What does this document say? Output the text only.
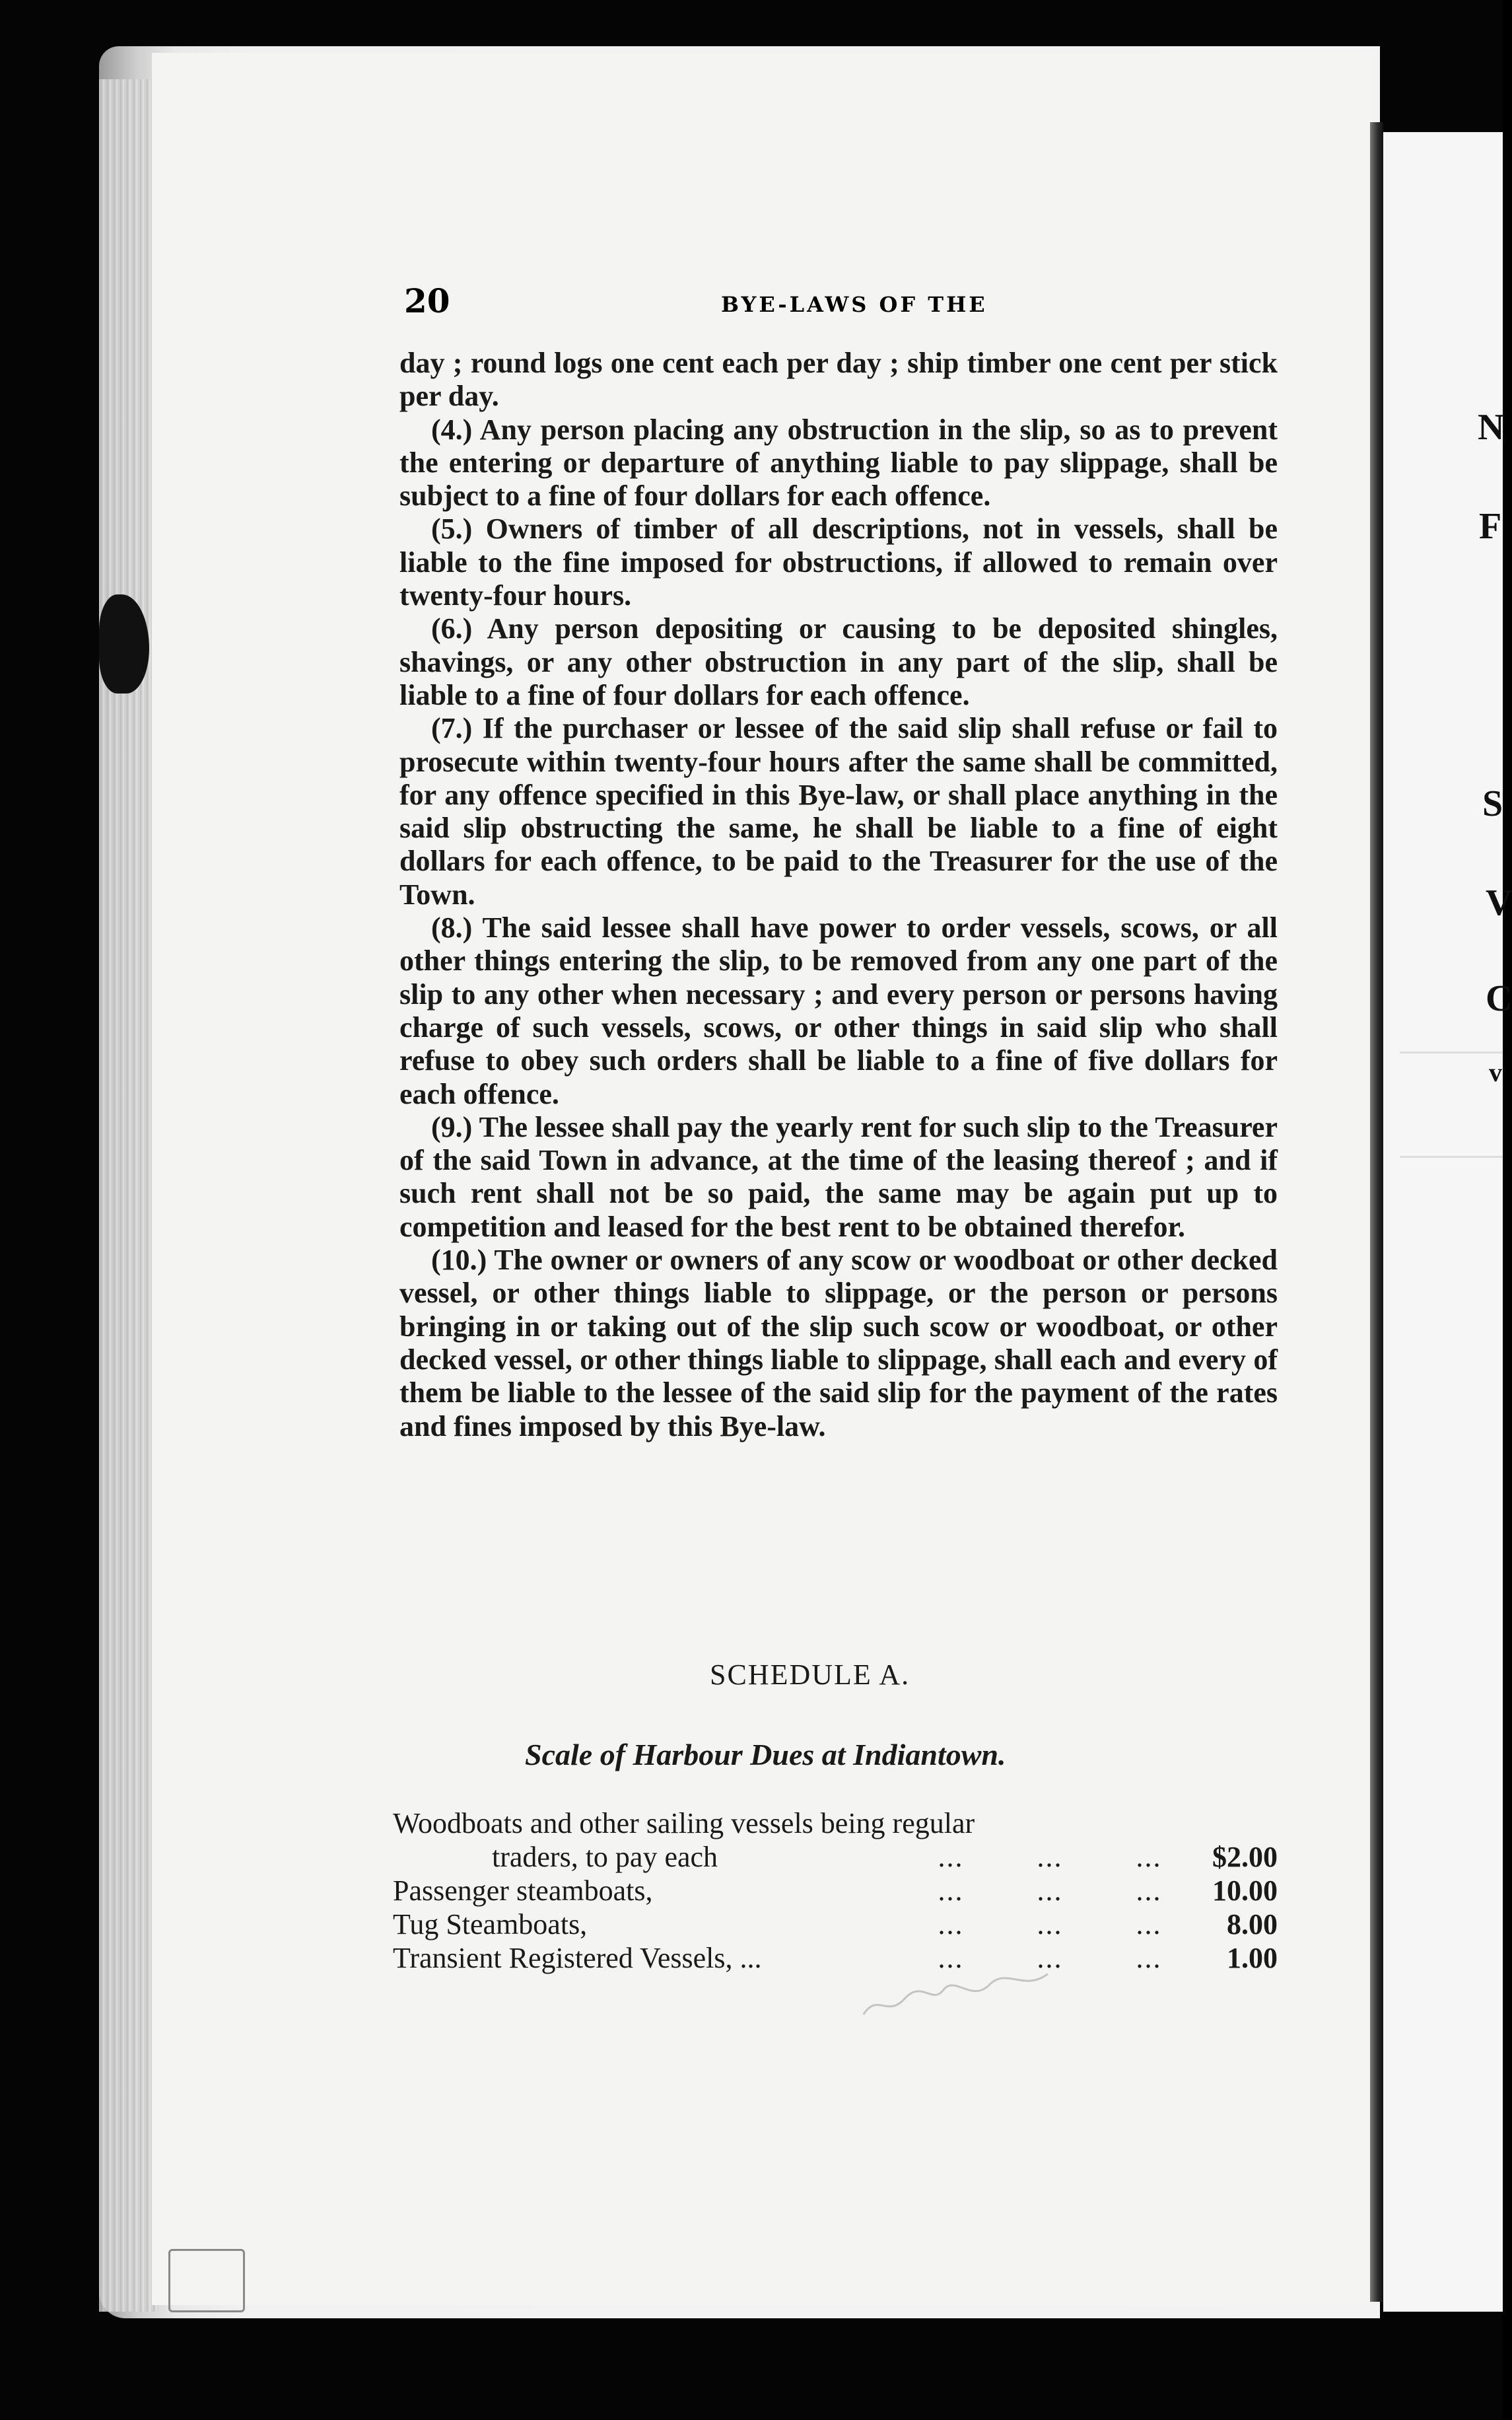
N
F
S
V
C
v
20	BYE-LAWS OF THE

day ; round logs one cent each per day ; ship timber one cent per stick per day.

(4.) Any person placing any obstruction in the slip, so as to prevent the entering or departure of anything liable to pay slippage, shall be subject to a fine of four dollars for each offence.

(5.) Owners of timber of all descriptions, not in vessels, shall be liable to the fine imposed for obstructions, if allowed to remain over twenty-four hours.

(6.) Any person depositing or causing to be deposited shingles, shavings, or any other obstruction in any part of the slip, shall be liable to a fine of four dollars for each offence.

(7.) If the purchaser or lessee of the said slip shall refuse or fail to prosecute within twenty-four hours after the same shall be committed, for any offence specified in this Bye-law, or shall place anything in the said slip obstructing the same, he shall be liable to a fine of eight dollars for each offence, to be paid to the Treasurer for the use of the Town.

(8.) The said lessee shall have power to order vessels, scows, or all other things entering the slip, to be removed from any one part of the slip to any other when necessary ; and every person or persons having charge of such vessels, scows, or other things in said slip who shall refuse to obey such orders shall be liable to a fine of five dollars for each offence.

(9.) The lessee shall pay the yearly rent for such slip to the Treasurer of the said Town in advance, at the time of the leasing thereof ; and if such rent shall not be so paid, the same may be again put up to competition and leased for the best rent to be obtained therefor.

(10.) The owner or owners of any scow or woodboat or other decked vessel, or other things liable to slippage, or the person or persons bringing in or taking out of the slip such scow or woodboat, or other decked vessel, or other things liable to slippage, shall each and every of them be liable to the lessee of the said slip for the payment of the rates and fines imposed by this Bye-law.

SCHEDULE A.
Scale of Harbour Dues at Indiantown.
Woodboats and other sailing vessels being regular				
traders, to pay each	...	...	...	$2.00
Passenger steamboats,	...	...	...	10.00
Tug Steamboats,	...	...	...	8.00
Transient Registered Vessels, ...	...	...	...	1.00
